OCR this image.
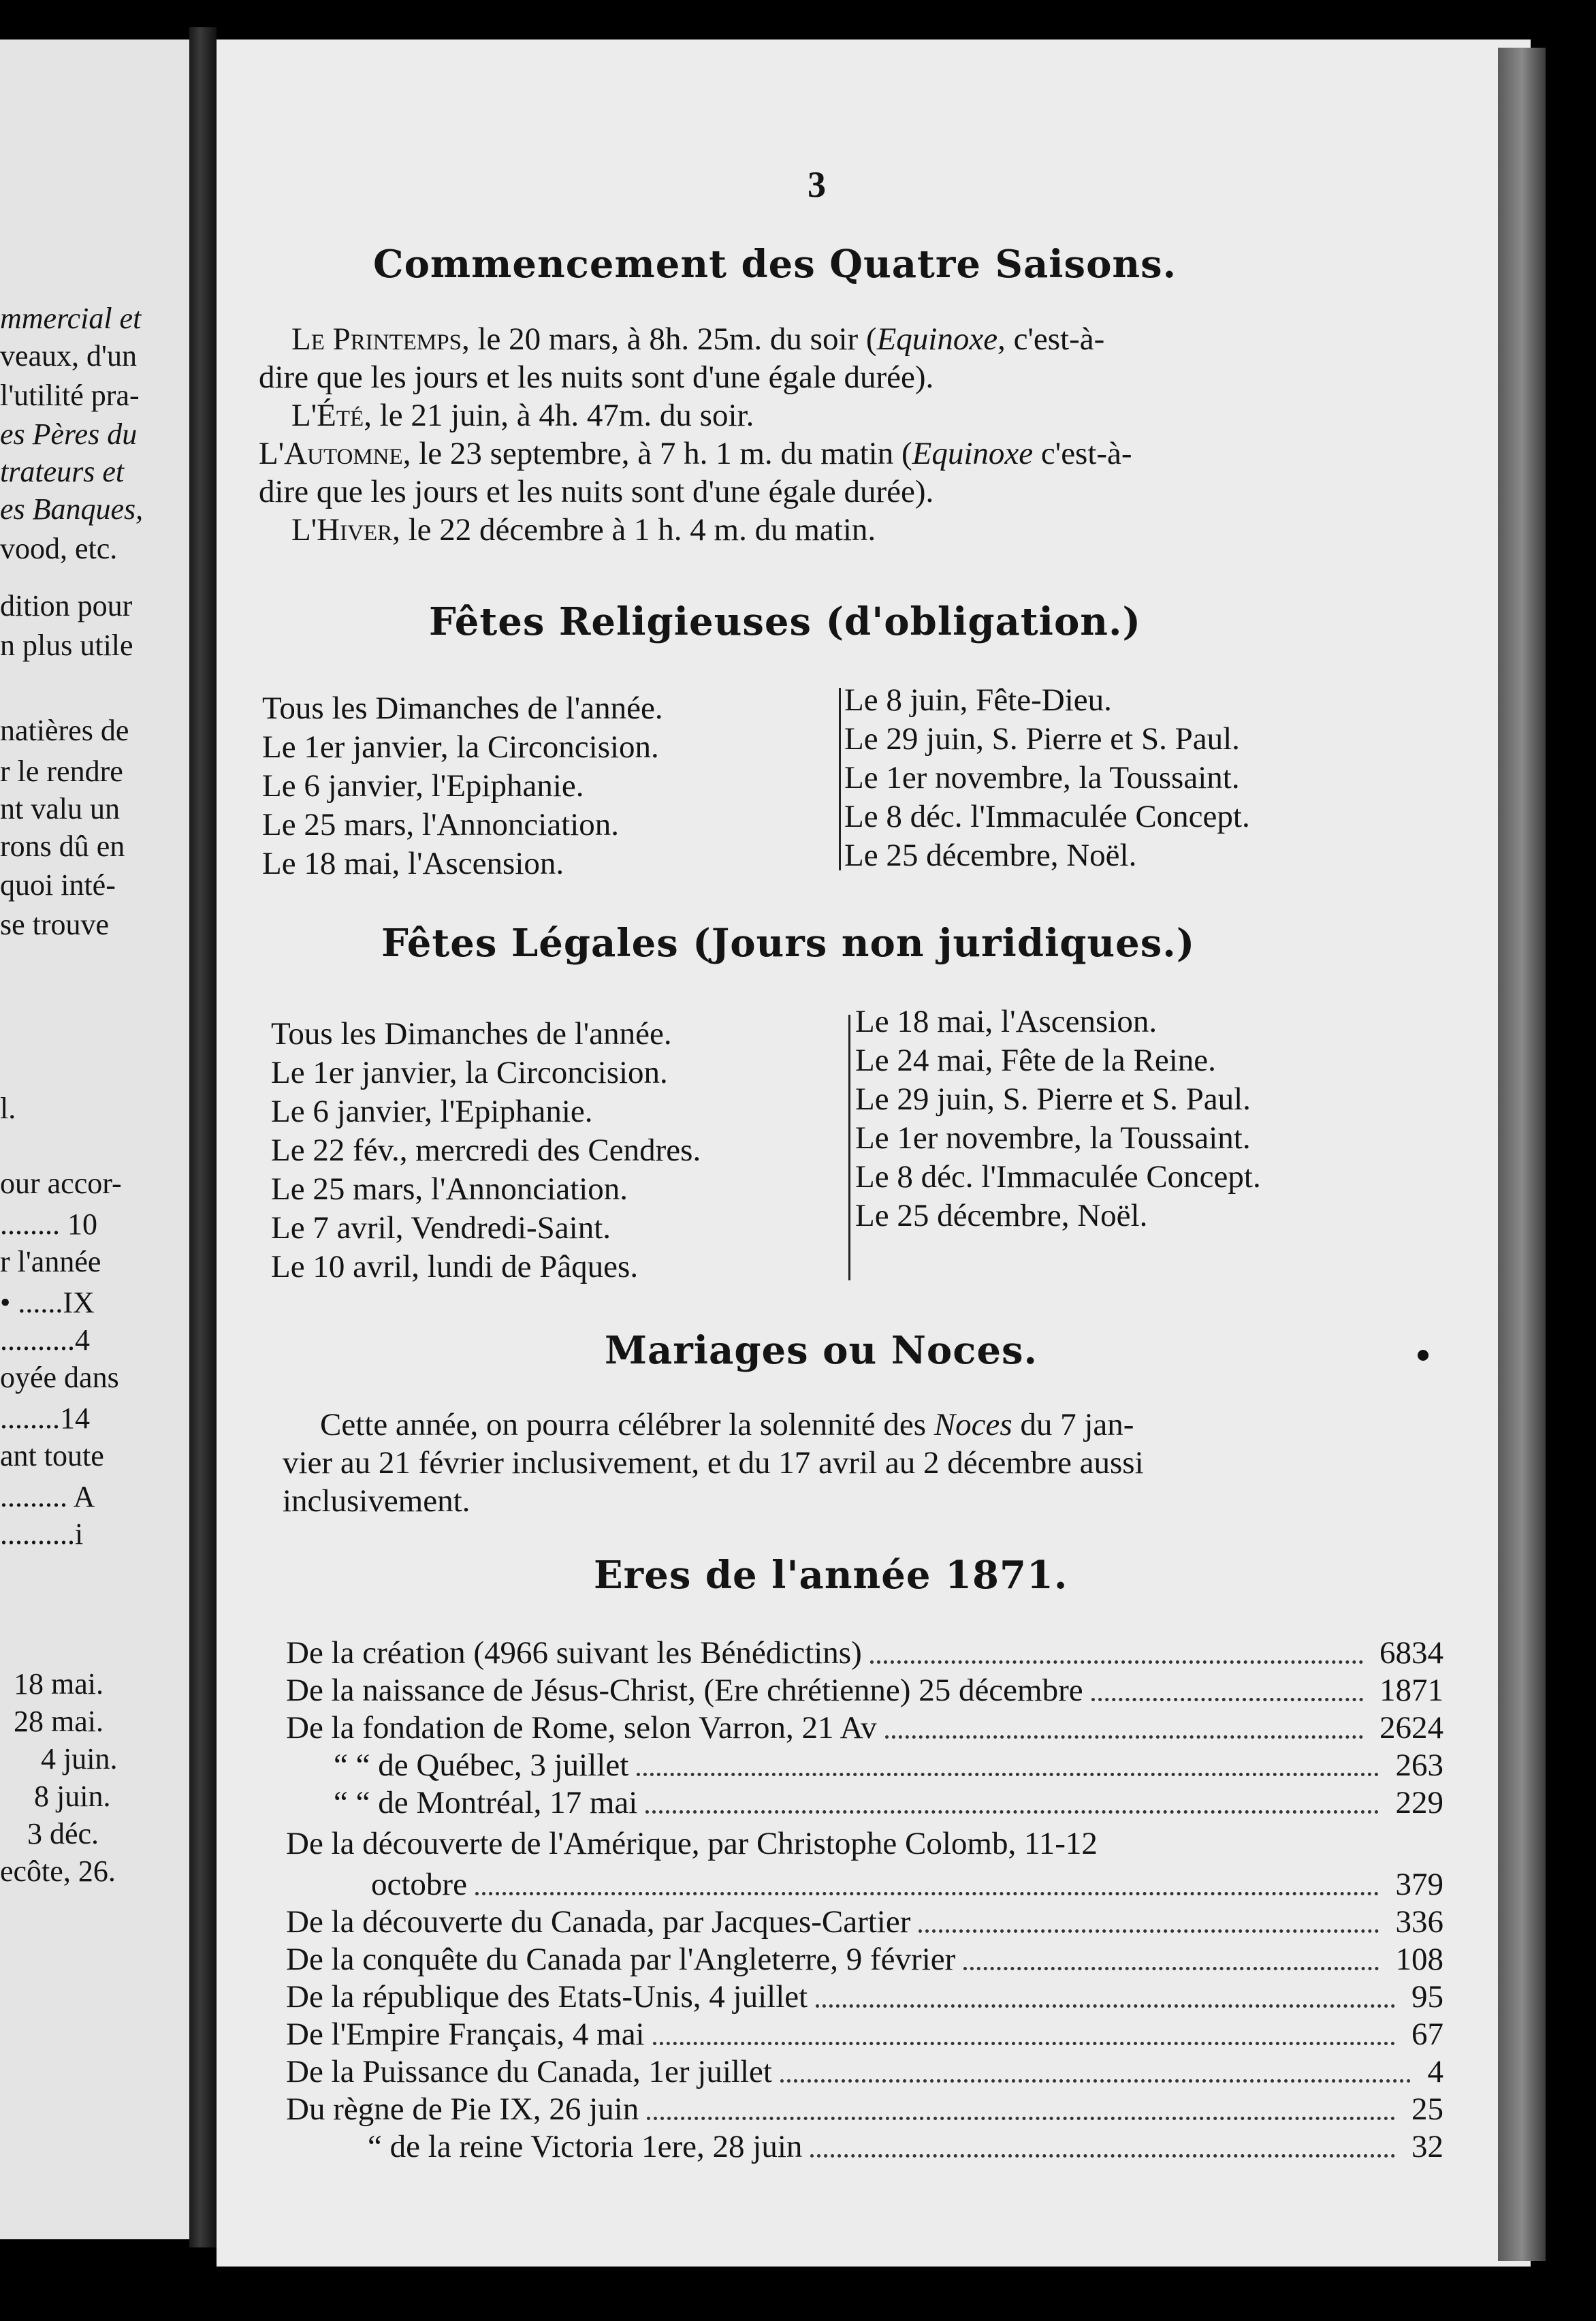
mmercial et
veaux, d'un
l'utilité pra-
es Pères du
trateurs et
es Banques,
vood, etc.
dition pour
n plus utile
natières de
r le rendre
nt valu un
rons dû en
quoi inté-
se trouve
l.
our accor-
........ 10
r l'année
• ......IX
..........4
oyée dans
........14
ant toute
......... A
..........i
18 mai.
28 mai.
4 juin.
8 juin.
3 déc.
ecôte, 26.
3
Commencement des Quatre Saisons.
Le Printemps, le 20 mars, à 8h. 25m. du soir (Equinoxe, c'est-à-
dire que les jours et les nuits sont d'une égale durée).
L'Été, le 21 juin, à 4h. 47m. du soir.
L'Automne, le 23 septembre, à 7 h. 1 m. du matin (Equinoxe c'est-à-
dire que les jours et les nuits sont d'une égale durée).
L'Hiver, le 22 décembre à 1 h. 4 m. du matin.
Fêtes Religieuses (d'obligation.)
Tous les Dimanches de l'année.
Le 1er janvier, la Circoncision.
Le 6 janvier, l'Epiphanie.
Le 25 mars, l'Annonciation.
Le 18 mai, l'Ascension.
Le 8 juin, Fête-Dieu.
Le 29 juin, S. Pierre et S. Paul.
Le 1er novembre, la Toussaint.
Le 8 déc. l'Immaculée Concept.
Le 25 décembre, Noël.
Fêtes Légales (Jours non juridiques.)
Tous les Dimanches de l'année.
Le 1er janvier, la Circoncision.
Le 6 janvier, l'Epiphanie.
Le 22 fév., mercredi des Cendres.
Le 25 mars, l'Annonciation.
Le 7 avril, Vendredi-Saint.
Le 10 avril, lundi de Pâques.
Le 18 mai, l'Ascension.
Le 24 mai, Fête de la Reine.
Le 29 juin, S. Pierre et S. Paul.
Le 1er novembre, la Toussaint.
Le 8 déc. l'Immaculée Concept.
Le 25 décembre, Noël.
Mariages ou Noces.
Cette année, on pourra célébrer la solennité des Noces du 7 jan-
vier au 21 février inclusivement, et du 17 avril au 2 décembre aussi
inclusivement.
Eres de l'année 1871.
De la création (4966 suivant les Bénédictins)	6834
De la naissance de Jésus-Christ, (Ere chrétienne) 25 décembre	1871
De la fondation de Rome, selon Varron, 21 Av	2624
“ “ de Québec, 3 juillet	263
“ “ de Montréal, 17 mai	229
De la découverte de l'Amérique, par Christophe Colomb, 11-12
octobre	379
De la découverte du Canada, par Jacques-Cartier	336
De la conquête du Canada par l'Angleterre, 9 février	108
De la république des Etats-Unis, 4 juillet	95
De l'Empire Français, 4 mai	67
De la Puissance du Canada, 1er juillet	4
Du règne de Pie IX, 26 juin	25
“ de la reine Victoria 1ere, 28 juin	32
